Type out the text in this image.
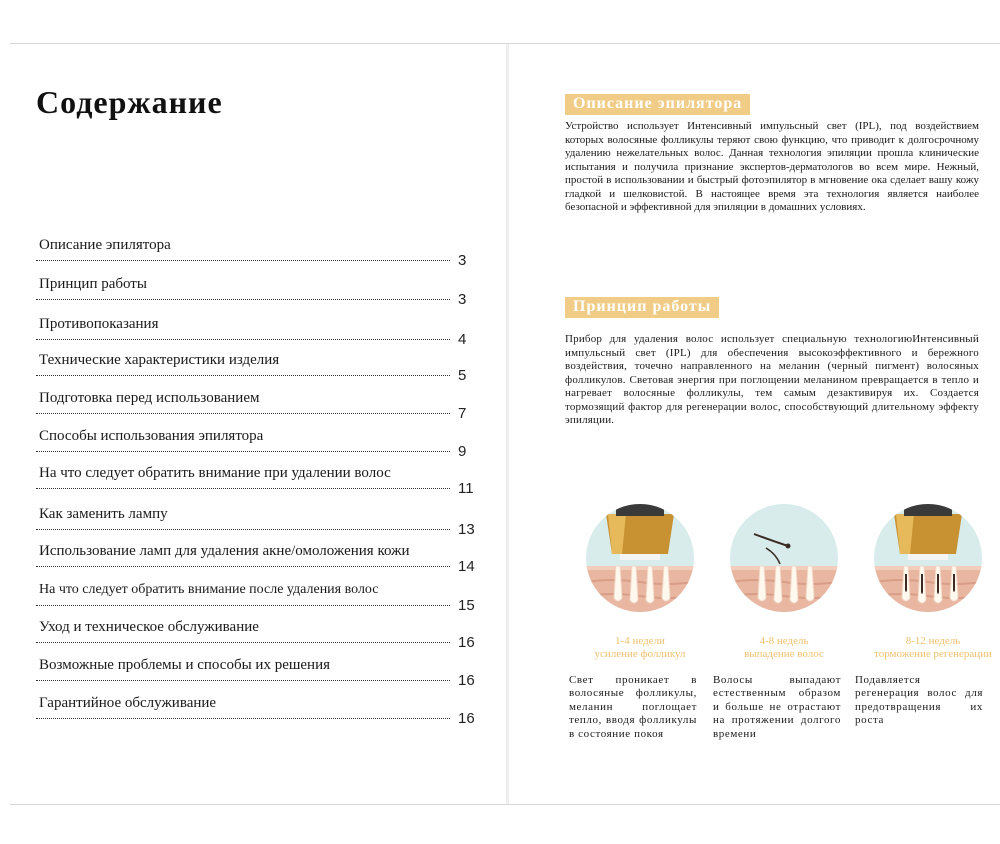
Содержание
Описание эпилятора
3
Принцип работы
3
Противопоказания
4
Технические характеристики изделия
5
Подготовка перед использованием
7
Способы использования эпилятора
9
На что следует обратить внимание при удалении волос
11
Как заменить лампу
13
Использование ламп для удаления акне/омоложения кожи
14
На что следует обратить внимание после удаления волос
15
Уход и техническое обслуживание
16
Возможные проблемы и способы их решения
16
Гарантийное обслуживание
16
Описание эпилятора

Устройство использует Интенсивный импульсный свет (IPL), под воздействием которых волосяные фолликулы теряют свою функцию, что приводит к долгосрочному удалению нежелательных волос. Данная технология эпиляции прошла клинические испытания и получила признание экспертов-дерматологов во всем мире. Нежный, простой в использовании и быстрый фотоэпилятор в мгновение ока сделает вашу кожу гладкой и шелковистой. В настоящее время эта технология является наиболее безопасной и эффективной для эпиляции в домашних условиях.

Принцип работы

Прибор для удаления волос использует специальную технологиюИнтенсивный импульсный свет (IPL) для обеспечения высокоэффективного и бережного воздействия, точечно направленного на меланин (черный пигмент) волосяных фолликулов. Световая энергия при поглощении меланином превращается в тепло и нагревает волосяные фолликулы, тем самым дезактивируя их. Создается тормозящий фактор для регенерации волос, способствующий длительному эффекту эпиляции.

1-4 недели
усиление фолликул

Свет проникает в волосяные фолликулы, меланин поглощает тепло, вводя фолликулы в состояние покоя

4-8 недель
выпадение волос

Волосы выпадают естественным образом и больше не отрастают на протяжении долгого времени

8-12 недель
торможение регенерации

Подавляется регенерация волос для предотвращения их роста
